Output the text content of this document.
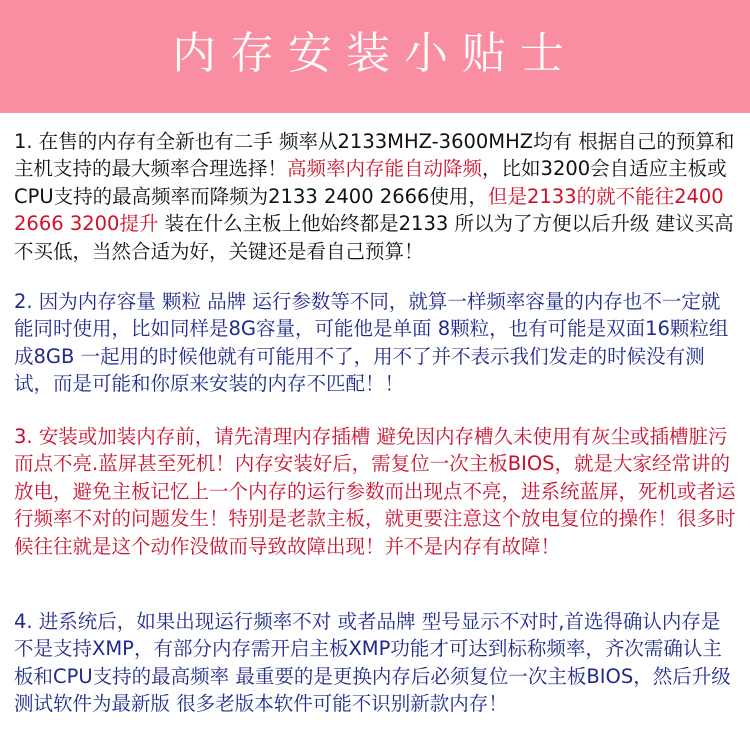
内存安装小贴士
1. 在售的内存有全新也有二手 频率从2133MHZ-3600MHZ均有 根据自己的预算和主机支持的最大频率合理选择！高频率内存能自动降频，比如3200会自适应主板或CPU支持的最高频率而降频为2133 2400 2666使用，但是2133的就不能往2400 2666 3200提升 装在什么主板上他始终都是2133 所以为了方便以后升级 建议买高不买低，当然合适为好，关键还是看自己预算！
2. 因为内存容量 颗粒 品牌 运行参数等不同，就算一样频率容量的内存也不一定就能同时使用，比如同样是8G容量，可能他是单面 8颗粒，也有可能是双面16颗粒组成8GB 一起用的时候他就有可能用不了，用不了并不表示我们发走的时候没有测试，而是可能和你原来安装的内存不匹配！！
3. 安装或加装内存前，请先清理内存插槽 避免因内存槽久未使用有灰尘或插槽脏污而点不亮.蓝屏甚至死机！内存安装好后，需复位一次主板BIOS，就是大家经常讲的放电，避免主板记忆上一个内存的运行参数而出现点不亮，进系统蓝屏，死机或者运行频率不对的问题发生！特别是老款主板，就更要注意这个放电复位的操作！很多时候往往就是这个动作没做而导致故障出现！并不是内存有故障！
4. 进系统后，如果出现运行频率不对 或者品牌 型号显示不对时,首选得确认内存是不是支持XMP，有部分内存需开启主板XMP功能才可达到标称频率，齐次需确认主板和CPU支持的最高频率 最重要的是更换内存后必须复位一次主板BIOS，然后升级测试软件为最新版 很多老版本软件可能不识别新款内存！
